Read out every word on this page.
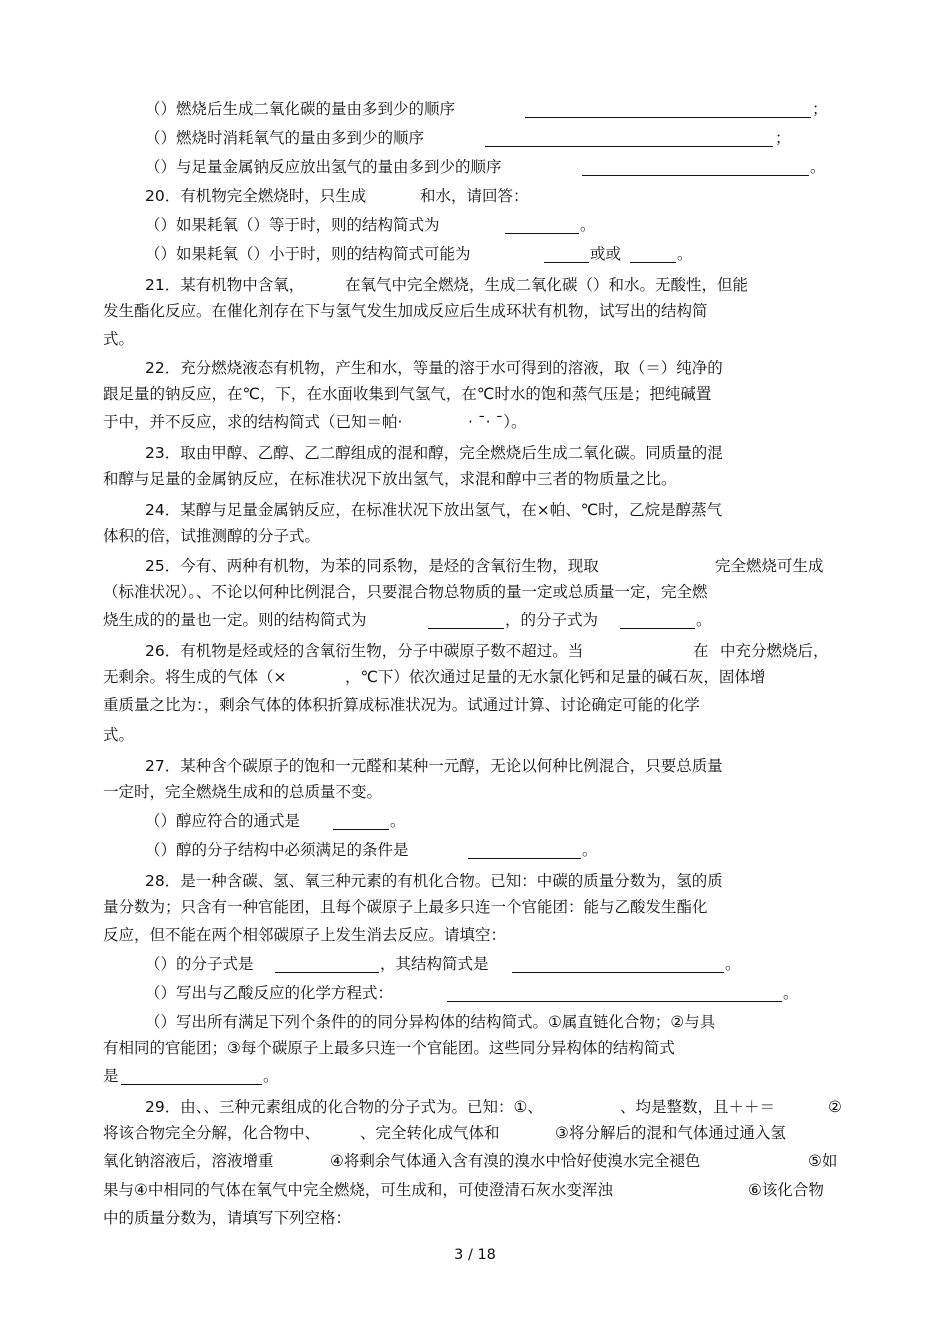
（）燃烧后生成二氧化碳的量由多到少的顺序	；
（）燃烧时消耗氧气的量由多到少的顺序	；
（）与足量金属钠反应放出氢气的量由多到少的顺序	。
20．有机物完全燃烧时，只生成	和水，请回答：
（）如果耗氧（）等于时，则的结构简式为	。
（）如果耗氧（）小于时，则的结构简式可能为	或或	。
21．某有机物中含氧，	在氧气中完全燃烧，生成二氧化碳（）和水。无酸性，但能
发生酯化反应。在催化剂存在下与氢气发生加成反应后生成环状有机物，试写出的结构简
式。
22．充分燃烧液态有机物，产生和水，等量的溶于水可得到的溶液，取（＝）纯净的
跟足量的钠反应，在℃，下，在水面收集到气氢气，在℃时水的饱和蒸气压是；把纯碱置
于中，并不反应，求的结构简式（已知＝帕·	· ¯· ¯）。
23．取由甲醇、乙醇、乙二醇组成的混和醇，完全燃烧后生成二氧化碳。同质量的混
和醇与足量的金属钠反应，在标准状况下放出氢气，求混和醇中三者的物质量之比。
24．某醇与足量金属钠反应，在标准状况下放出氢气，在×帕、℃时，乙烷是醇蒸气
体积的倍，试推测醇的分子式。
25．今有、两种有机物，为苯的同系物，是烃的含氧衍生物，现取	完全燃烧可生成
（标准状况）。、不论以何种比例混合，只要混合物总物质的量一定或总质量一定，完全燃
烧生成的的量也一定。则的结构简式为	，的分子式为	。
26．有机物是烃或烃的含氧衍生物，分子中碳原子数不超过。当	在 中充分燃烧后，
无剩余。将生成的气体（×	，℃下）依次通过足量的无水氯化钙和足量的碱石灰，固体增
重质量之比为：，剩余气体的体积折算成标准状况为。试通过计算、讨论确定可能的化学
式。
27．某种含个碳原子的饱和一元醛和某种一元醇，无论以何种比例混合，只要总质量
一定时，完全燃烧生成和的总质量不变。
（）醇应符合的通式是	。
（）醇的分子结构中必须满足的条件是	。
28．是一种含碳、氢、氧三种元素的有机化合物。已知：中碳的质量分数为，氢的质
量分数为；只含有一种官能团，且每个碳原子上最多只连一个官能团：能与乙酸发生酯化
反应，但不能在两个相邻碳原子上发生消去反应。请填空：
（）的分子式是	，其结构简式是	。
（）写出与乙酸反应的化学方程式：	。
（）写出所有满足下列个条件的的同分异构体的结构简式。①属直链化合物；②与具
有相同的官能团；③每个碳原子上最多只连一个官能团。这些同分异构体的结构简式
是	。
29．由、、三种元素组成的化合物的分子式为。已知：①、	、均是整数，且＋＋＝	②
将该合物完全分解，化合物中、	、完全转化成气体和	③将分解后的混和气体通过通入氢
氧化钠溶液后，溶液增重	④将剩余气体通入含有溴的溴水中恰好使溴水完全褪色	⑤如
果与④中相同的气体在氧气中完全燃烧，可生成和，可使澄清石灰水变浑浊	⑥该化合物
中的质量分数为，请填写下列空格：
3 / 18
